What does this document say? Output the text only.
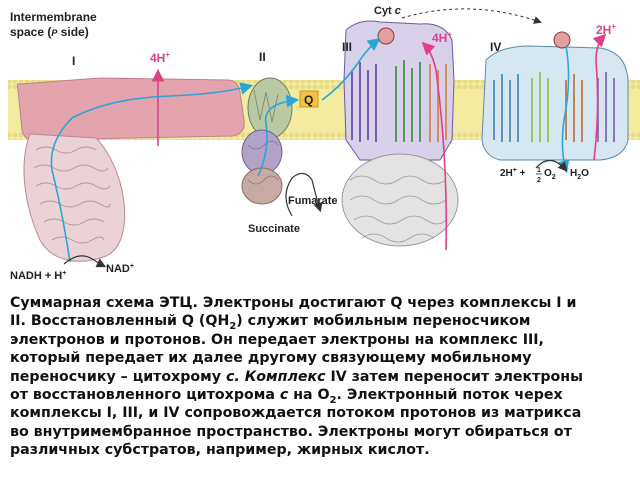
Intermembrane
space (P side)
I	II
Q
III
Cyt c
IV
4H+
4H+	2H+
Fumarate
Succinate
NADH + H+	NAD+
2H+ + 1
2
$O_2$ $H_2O$

Суммарная схема ЭТЦ. Электроны достигают Q через комплексы I и

II. Восстановленный Q $(QH_2)$ служит мобильным переносчиком

электронов и протонов. Он передает электроны на комплекс III,

который передает их далее другому связующему мобильному

переносчику – цитохрому с. Комплекс IV затем переносит электроны

от восстановленного цитохрома с на $О_2$. Электронный поток черех

комплексы I, III, и IV сопровождается потоком протонов из матрикса

во внутримембранное пространство. Электроны могут обираться от

различных субстратов, например, жирных кислот.
